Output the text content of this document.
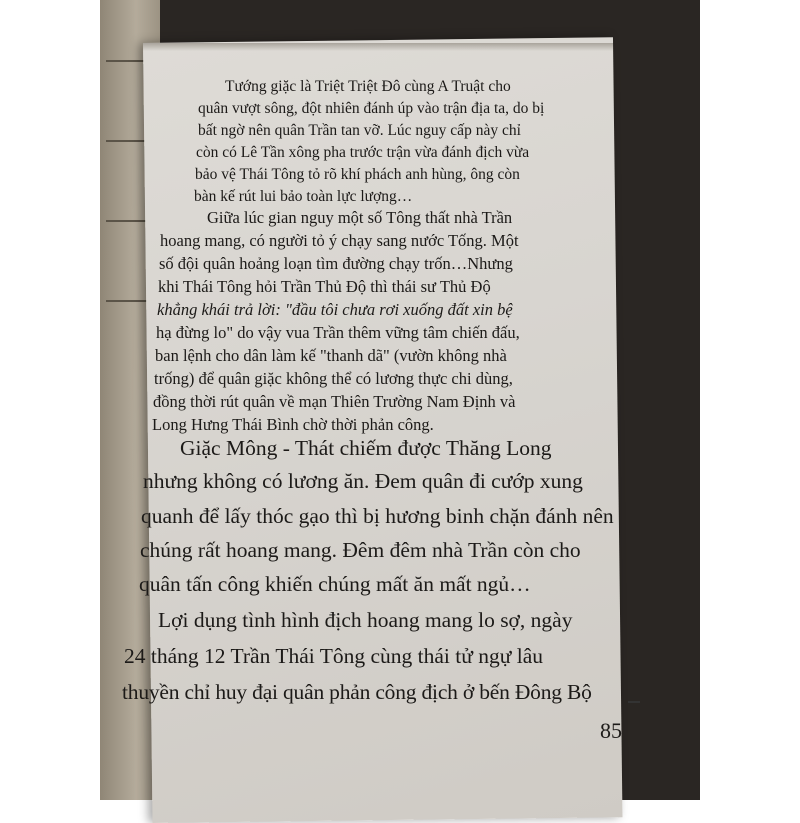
Tướng giặc là Triệt Triệt Đô cùng A Truật cho
quân vượt sông, đột nhiên đánh úp vào trận địa ta, do bị
bất ngờ nên quân Trần tan vỡ. Lúc nguy cấp này chỉ
còn có Lê Tần xông pha trước trận vừa đánh địch vừa
bảo vệ Thái Tông tỏ rõ khí phách anh hùng, ông còn
bàn kế rút lui bảo toàn lực lượng…
Giữa lúc gian nguy một số Tông thất nhà Trần
hoang mang, có người tỏ ý chạy sang nước Tống. Một
số đội quân hoảng loạn tìm đường chạy trốn…Nhưng
khi Thái Tông hỏi Trần Thủ Độ thì thái sư Thủ Độ
khẳng khái trả lời: "đầu tôi chưa rơi xuống đất xin bệ
hạ đừng lo" do vậy vua Trần thêm vững tâm chiến đấu,
ban lệnh cho dân làm kế "thanh dã" (vườn không nhà
trống) để quân giặc không thể có lương thực chi dùng,
đồng thời rút quân về mạn Thiên Trường Nam Định và
Long Hưng Thái Bình chờ thời phản công.
Giặc Mông - Thát chiếm được Thăng Long
nhưng không có lương ăn. Đem quân đi cướp xung
quanh để lấy thóc gạo thì bị hương binh chặn đánh nên
chúng rất hoang mang. Đêm đêm nhà Trần còn cho
quân tấn công khiến chúng mất ăn mất ngủ…
Lợi dụng tình hình địch hoang mang lo sợ, ngày
24 tháng 12 Trần Thái Tông cùng thái tử ngự lâu
thuyền chỉ huy đại quân phản công địch ở bến Đông Bộ
85
